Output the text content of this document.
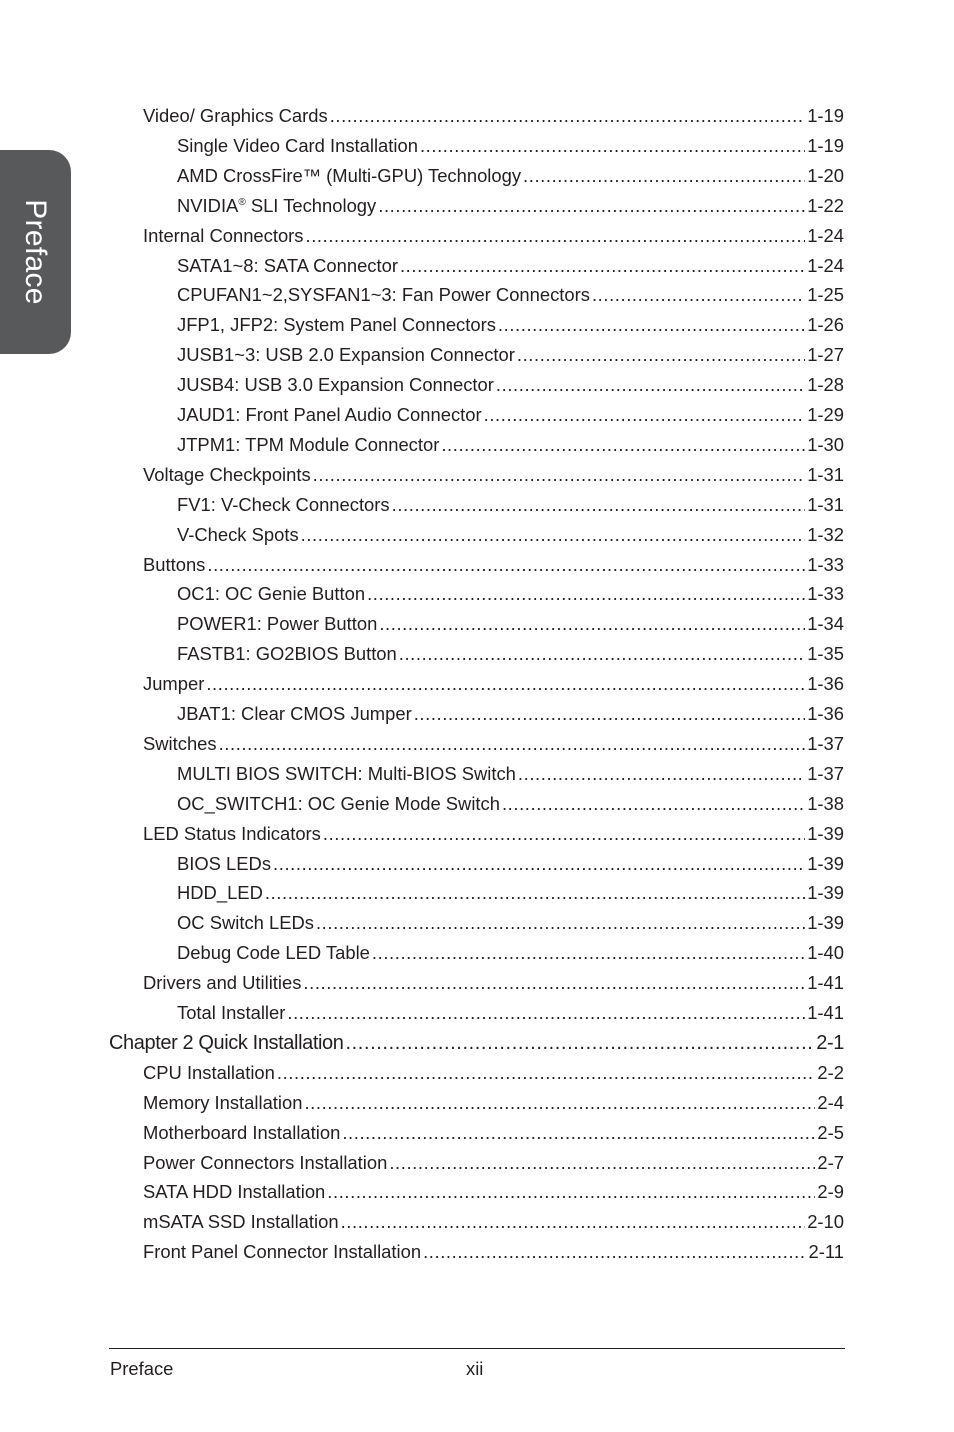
Preface
Video/ Graphics Cards .....	1-19
Single Video Card Installation .....	1-19
AMD CrossFire™ (Multi-GPU) Technology .....	1-20
NVIDIA® SLI Technology .....	1-22
Internal Connectors .....	1-24
SATA1~8: SATA Connector .....	1-24
CPUFAN1~2,SYSFAN1~3: Fan Power Connectors .....	1-25
JFP1, JFP2: System Panel Connectors .....	1-26
JUSB1~3: USB 2.0 Expansion Connector .....	1-27
JUSB4: USB 3.0 Expansion Connector .....	1-28
JAUD1: Front Panel Audio Connector .....	1-29
JTPM1: TPM Module Connector .....	1-30
Voltage Checkpoints .....	1-31
FV1: V-Check Connectors .....	1-31
V-Check Spots .....	1-32
Buttons .....	1-33
OC1: OC Genie Button .....	1-33
POWER1: Power Button .....	1-34
FASTB1: GO2BIOS Button .....	1-35
Jumper .....	1-36
JBAT1: Clear CMOS Jumper .....	1-36
Switches .....	1-37
MULTI BIOS SWITCH: Multi-BIOS Switch .....	1-37
OC_SWITCH1: OC Genie Mode Switch .....	1-38
LED Status Indicators .....	1-39
BIOS LEDs .....	1-39
HDD_LED .....	1-39
OC Switch LEDs .....	1-39
Debug Code LED Table .....	1-40
Drivers and Utilities .....	1-41
Total Installer .....	1-41
Chapter 2 Quick Installation .....	2-1
CPU Installation .....	2-2
Memory Installation .....	2-4
Motherboard Installation .....	2-5
Power Connectors Installation .....	2-7
SATA HDD Installation .....	2-9
mSATA SSD Installation .....	2-10
Front Panel Connector Installation .....	2-11
Preface	xii
